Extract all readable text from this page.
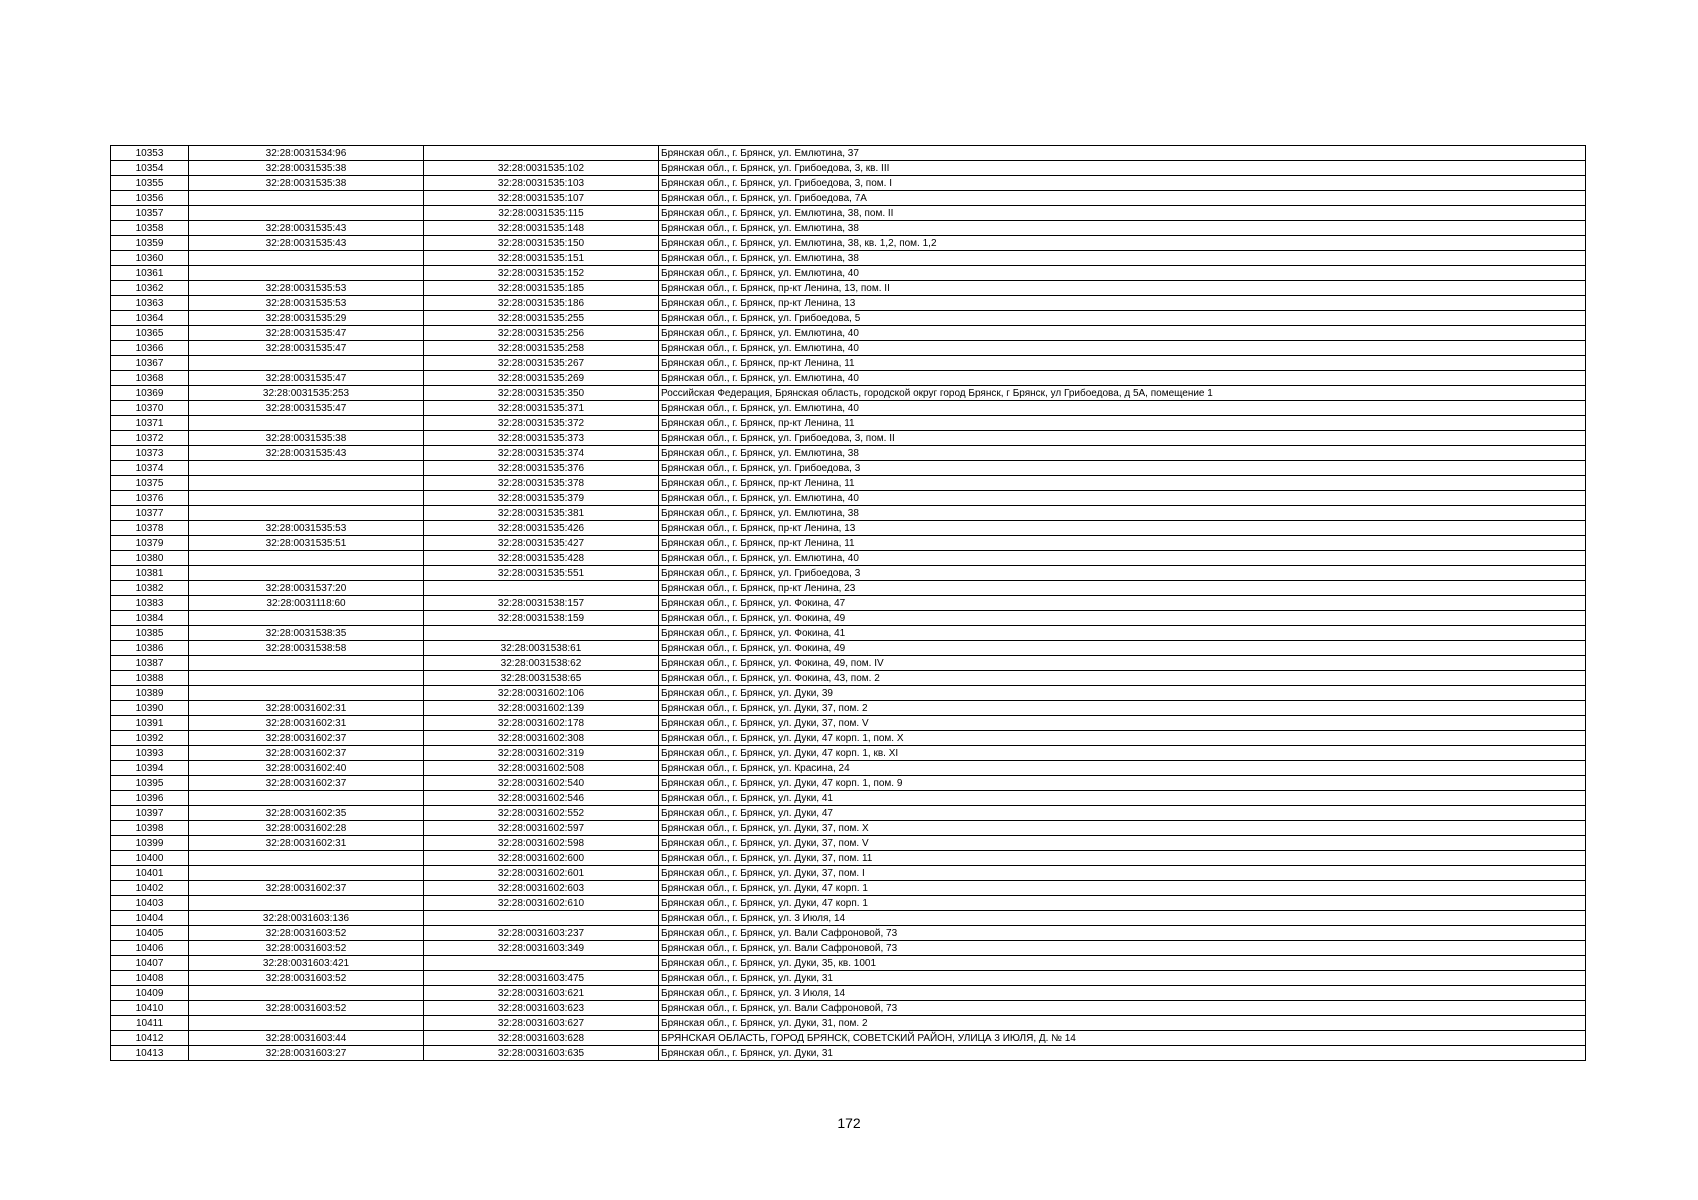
10353	32:28:0031534:96		Брянская обл., г. Брянск, ул. Емлютина, 37
10354	32:28:0031535:38	32:28:0031535:102	Брянская обл., г. Брянск, ул. Грибоедова, 3, кв. III
10355	32:28:0031535:38	32:28:0031535:103	Брянская обл., г. Брянск, ул. Грибоедова, 3, пом. I
10356		32:28:0031535:107	Брянская обл., г. Брянск, ул. Грибоедова, 7А
10357		32:28:0031535:115	Брянская обл., г. Брянск, ул. Емлютина, 38, пом. II
10358	32:28:0031535:43	32:28:0031535:148	Брянская обл., г. Брянск, ул. Емлютина, 38
10359	32:28:0031535:43	32:28:0031535:150	Брянская обл., г. Брянск, ул. Емлютина, 38, кв. 1,2, пом. 1,2
10360		32:28:0031535:151	Брянская обл., г. Брянск, ул. Емлютина, 38
10361		32:28:0031535:152	Брянская обл., г. Брянск, ул. Емлютина, 40
10362	32:28:0031535:53	32:28:0031535:185	Брянская обл., г. Брянск, пр-кт Ленина, 13, пом. II
10363	32:28:0031535:53	32:28:0031535:186	Брянская обл., г. Брянск, пр-кт Ленина, 13
10364	32:28:0031535:29	32:28:0031535:255	Брянская обл., г. Брянск, ул. Грибоедова, 5
10365	32:28:0031535:47	32:28:0031535:256	Брянская обл., г. Брянск, ул. Емлютина, 40
10366	32:28:0031535:47	32:28:0031535:258	Брянская обл., г. Брянск, ул. Емлютина, 40
10367		32:28:0031535:267	Брянская обл., г. Брянск, пр-кт Ленина, 11
10368	32:28:0031535:47	32:28:0031535:269	Брянская обл., г. Брянск, ул. Емлютина, 40
10369	32:28:0031535:253	32:28:0031535:350	Российская Федерация, Брянская область, городской округ город Брянск, г Брянск, ул Грибоедова, д 5А, помещение 1
10370	32:28:0031535:47	32:28:0031535:371	Брянская обл., г. Брянск, ул. Емлютина, 40
10371		32:28:0031535:372	Брянская обл., г. Брянск, пр-кт Ленина, 11
10372	32:28:0031535:38	32:28:0031535:373	Брянская обл., г. Брянск, ул. Грибоедова, 3, пом. II
10373	32:28:0031535:43	32:28:0031535:374	Брянская обл., г. Брянск, ул. Емлютина, 38
10374		32:28:0031535:376	Брянская обл., г. Брянск, ул. Грибоедова, 3
10375		32:28:0031535:378	Брянская обл., г. Брянск, пр-кт Ленина, 11
10376		32:28:0031535:379	Брянская обл., г. Брянск, ул. Емлютина, 40
10377		32:28:0031535:381	Брянская обл., г. Брянск, ул. Емлютина, 38
10378	32:28:0031535:53	32:28:0031535:426	Брянская обл., г. Брянск, пр-кт Ленина, 13
10379	32:28:0031535:51	32:28:0031535:427	Брянская обл., г. Брянск, пр-кт Ленина, 11
10380		32:28:0031535:428	Брянская обл., г. Брянск, ул. Емлютина, 40
10381		32:28:0031535:551	Брянская обл., г. Брянск, ул. Грибоедова, 3
10382	32:28:0031537:20		Брянская обл., г. Брянск, пр-кт Ленина, 23
10383	32:28:0031118:60	32:28:0031538:157	Брянская обл., г. Брянск, ул. Фокина, 47
10384		32:28:0031538:159	Брянская обл., г. Брянск, ул. Фокина, 49
10385	32:28:0031538:35		Брянская обл., г. Брянск, ул. Фокина, 41
10386	32:28:0031538:58	32:28:0031538:61	Брянская обл., г. Брянск, ул. Фокина, 49
10387		32:28:0031538:62	Брянская обл., г. Брянск, ул. Фокина, 49, пом. IV
10388		32:28:0031538:65	Брянская обл., г. Брянск, ул. Фокина, 43, пом. 2
10389		32:28:0031602:106	Брянская обл., г. Брянск, ул. Дуки, 39
10390	32:28:0031602:31	32:28:0031602:139	Брянская обл., г. Брянск, ул. Дуки, 37, пом. 2
10391	32:28:0031602:31	32:28:0031602:178	Брянская обл., г. Брянск, ул. Дуки, 37, пом. V
10392	32:28:0031602:37	32:28:0031602:308	Брянская обл., г. Брянск, ул. Дуки, 47 корп. 1, пом. X
10393	32:28:0031602:37	32:28:0031602:319	Брянская обл., г. Брянск, ул. Дуки, 47 корп. 1, кв. XI
10394	32:28:0031602:40	32:28:0031602:508	Брянская обл., г. Брянск, ул. Красина, 24
10395	32:28:0031602:37	32:28:0031602:540	Брянская обл., г. Брянск, ул. Дуки, 47 корп. 1, пом. 9
10396		32:28:0031602:546	Брянская обл., г. Брянск, ул. Дуки, 41
10397	32:28:0031602:35	32:28:0031602:552	Брянская обл., г. Брянск, ул. Дуки, 47
10398	32:28:0031602:28	32:28:0031602:597	Брянская обл., г. Брянск, ул. Дуки, 37, пом. X
10399	32:28:0031602:31	32:28:0031602:598	Брянская обл., г. Брянск, ул. Дуки, 37, пом. V
10400		32:28:0031602:600	Брянская обл., г. Брянск, ул. Дуки, 37, пом. 11
10401		32:28:0031602:601	Брянская обл., г. Брянск, ул. Дуки, 37, пом. I
10402	32:28:0031602:37	32:28:0031602:603	Брянская обл., г. Брянск, ул. Дуки, 47 корп. 1
10403		32:28:0031602:610	Брянская обл., г. Брянск, ул. Дуки, 47 корп. 1
10404	32:28:0031603:136		Брянская обл., г. Брянск, ул. 3 Июля, 14
10405	32:28:0031603:52	32:28:0031603:237	Брянская обл., г. Брянск, ул. Вали Сафроновой, 73
10406	32:28:0031603:52	32:28:0031603:349	Брянская обл., г. Брянск, ул. Вали Сафроновой, 73
10407	32:28:0031603:421		Брянская обл., г. Брянск, ул. Дуки, 35, кв. 1001
10408	32:28:0031603:52	32:28:0031603:475	Брянская обл., г. Брянск, ул. Дуки, 31
10409		32:28:0031603:621	Брянская обл., г. Брянск, ул. 3 Июля, 14
10410	32:28:0031603:52	32:28:0031603:623	Брянская обл., г. Брянск, ул. Вали Сафроновой, 73
10411		32:28:0031603:627	Брянская обл., г. Брянск, ул. Дуки, 31, пом. 2
10412	32:28:0031603:44	32:28:0031603:628	БРЯНСКАЯ ОБЛАСТЬ, ГОРОД БРЯНСК, СОВЕТСКИЙ РАЙОН, УЛИЦА 3 ИЮЛЯ, Д. № 14
10413	32:28:0031603:27	32:28:0031603:635	Брянская обл., г. Брянск, ул. Дуки, 31
172
